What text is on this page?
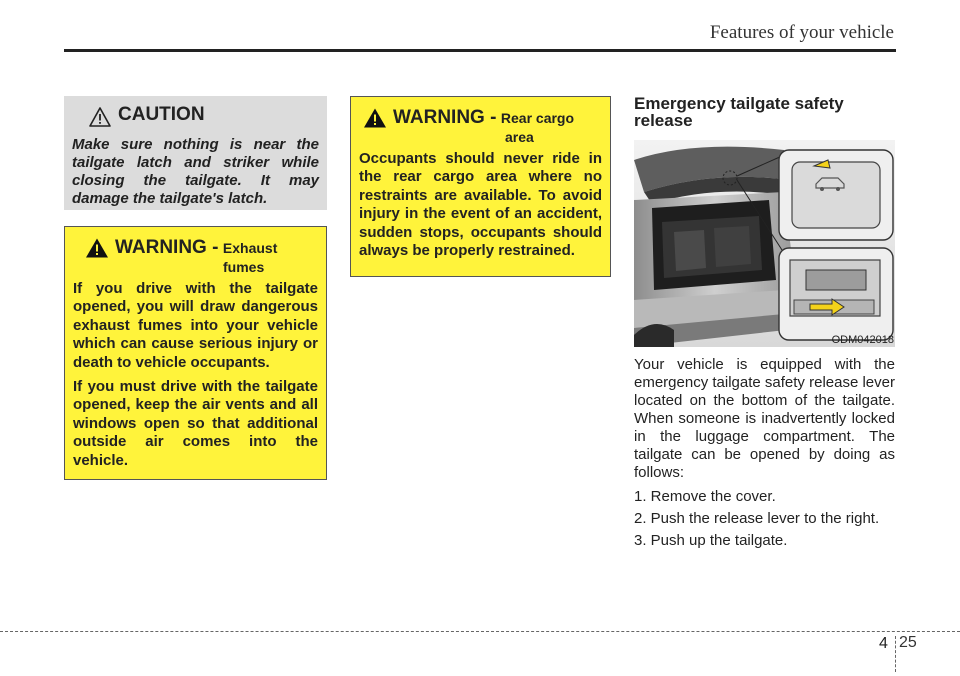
Features of your vehicle
CAUTION
Make sure nothing is near the tailgate latch and striker while closing the tailgate. It may damage the tailgate's latch.
WARNING - Exhaust
fumes

If you drive with the tailgate opened, you will draw dangerous exhaust fumes into your vehicle which can cause serious injury or death to vehicle occupants.

If you must drive with the tailgate opened, keep the air vents and all windows open so that additional outside air comes into the vehicle.

WARNING - Rear cargo
area
Occupants should never ride in the rear cargo area where no restraints are available. To avoid injury in the event of an accident, sudden stops, occupants should always be properly restrained.
Emergency tailgate safety release
ODM042018

Your vehicle is equipped with the emergency tailgate safety release lever located on the bottom of the tailgate. When someone is inadvertently locked in the luggage compartment. The tailgate can be opened by doing as follows:

1. Remove the cover.

2. Push the release lever to the right.

3. Push up the tailgate.

4 25
